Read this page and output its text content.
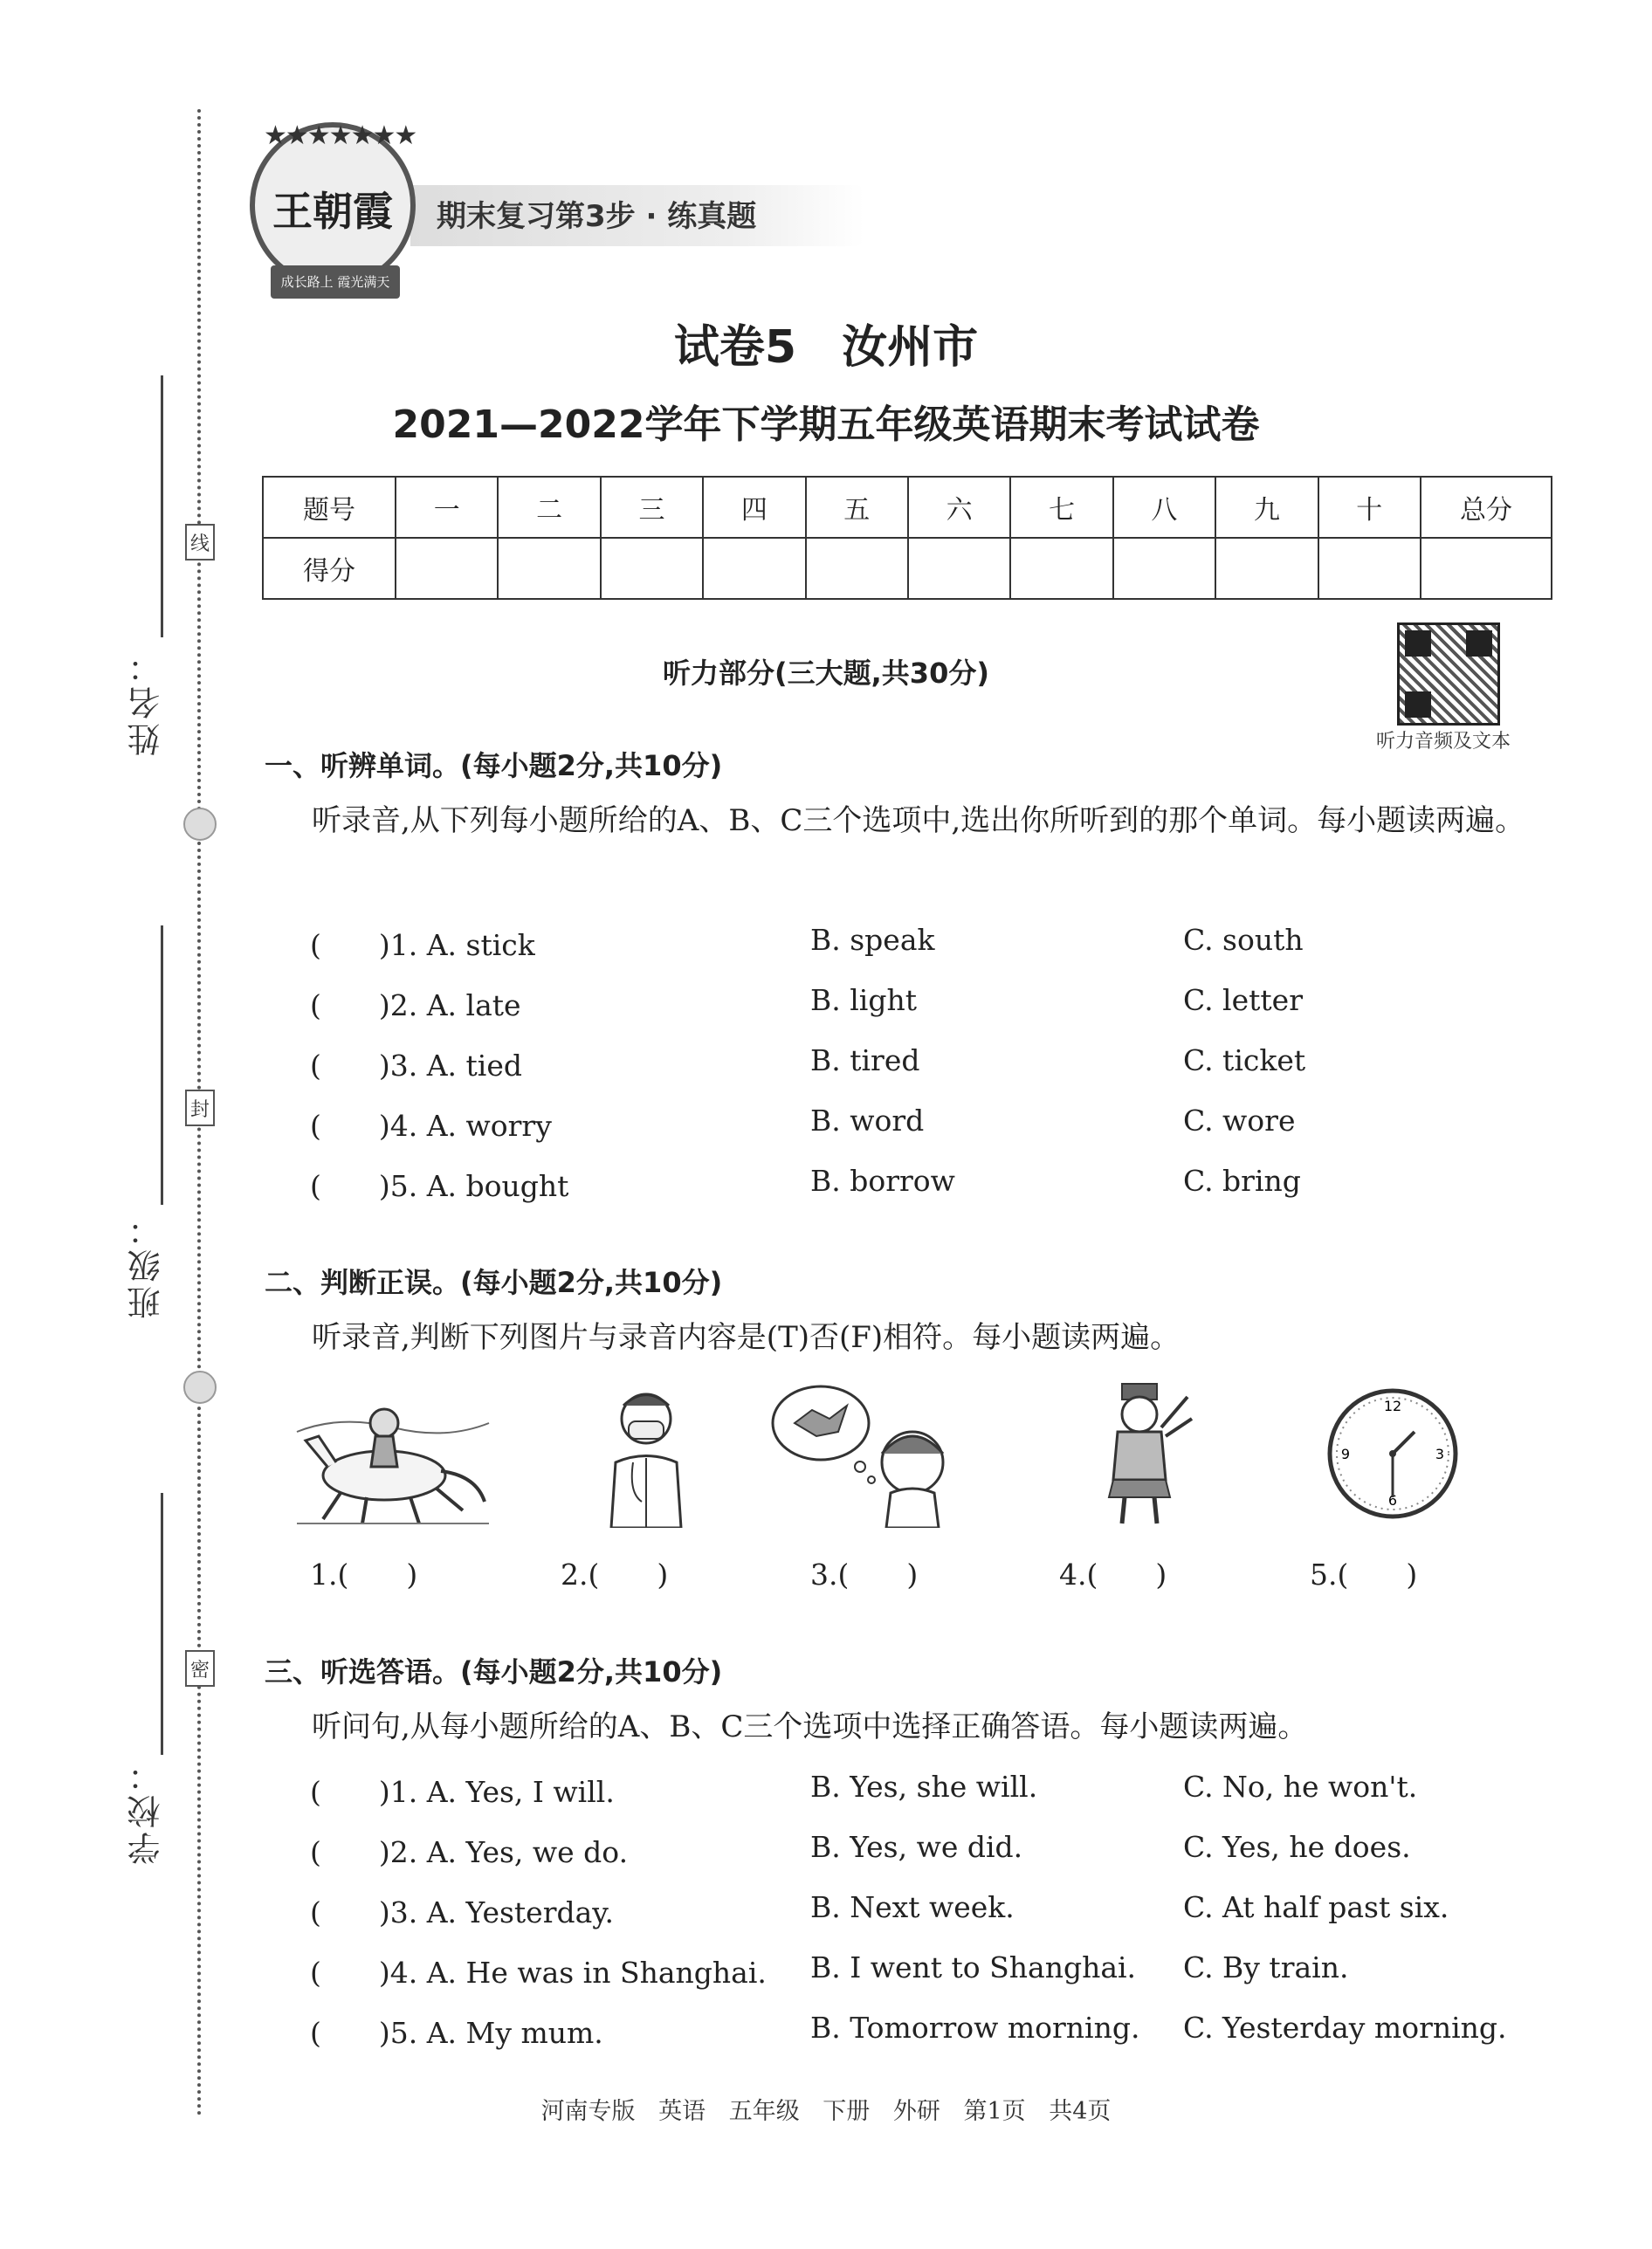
姓名：
班级：
学校：
线
封
密
期末复习第3步 · 练真题
王朝霞
★★★★★★★
成长路上 霞光满天
试卷5　汝州市
2021—2022学年下学期五年级英语期末考试试卷
题号	一	二	三	四	五	六	七	八	九	十	总分
得分											
听力部分(三大题,共30分)
听力音频及文本
一、听辨单词。(每小题2分,共10分)
听录音,从下列每小题所给的A、B、C三个选项中,选出你所听到的那个单词。每小题读两遍。
(　　)1. A. stick	B. speak	C. south
(　　)2. A. late	B. light	C. letter
(　　)3. A. tied	B. tired	C. ticket
(　　)4. A. worry	B. word	C. wore
(　　)5. A. bought	B. borrow	C. bring
二、判断正误。(每小题2分,共10分)
听录音,判断下列图片与录音内容是(T)否(F)相符。每小题读两遍。
12
3
6
9
1.(　　)	2.(　　)	3.(　　)	4.(　　)	5.(　　)
三、听选答语。(每小题2分,共10分)
听问句,从每小题所给的A、B、C三个选项中选择正确答语。每小题读两遍。
(　　)1. A. Yes, I will.	B. Yes, she will.	C. No, he won't.
(　　)2. A. Yes, we do.	B. Yes, we did.	C. Yes, he does.
(　　)3. A. Yesterday.	B. Next week.	C. At half past six.
(　　)4. A. He was in Shanghai. B. I went to Shanghai. C. By train.
(　　)5. A. My mum.	B. Tomorrow morning. C. Yesterday morning.
河南专版 英语 五年级 下册 外研 第1页 共4页
